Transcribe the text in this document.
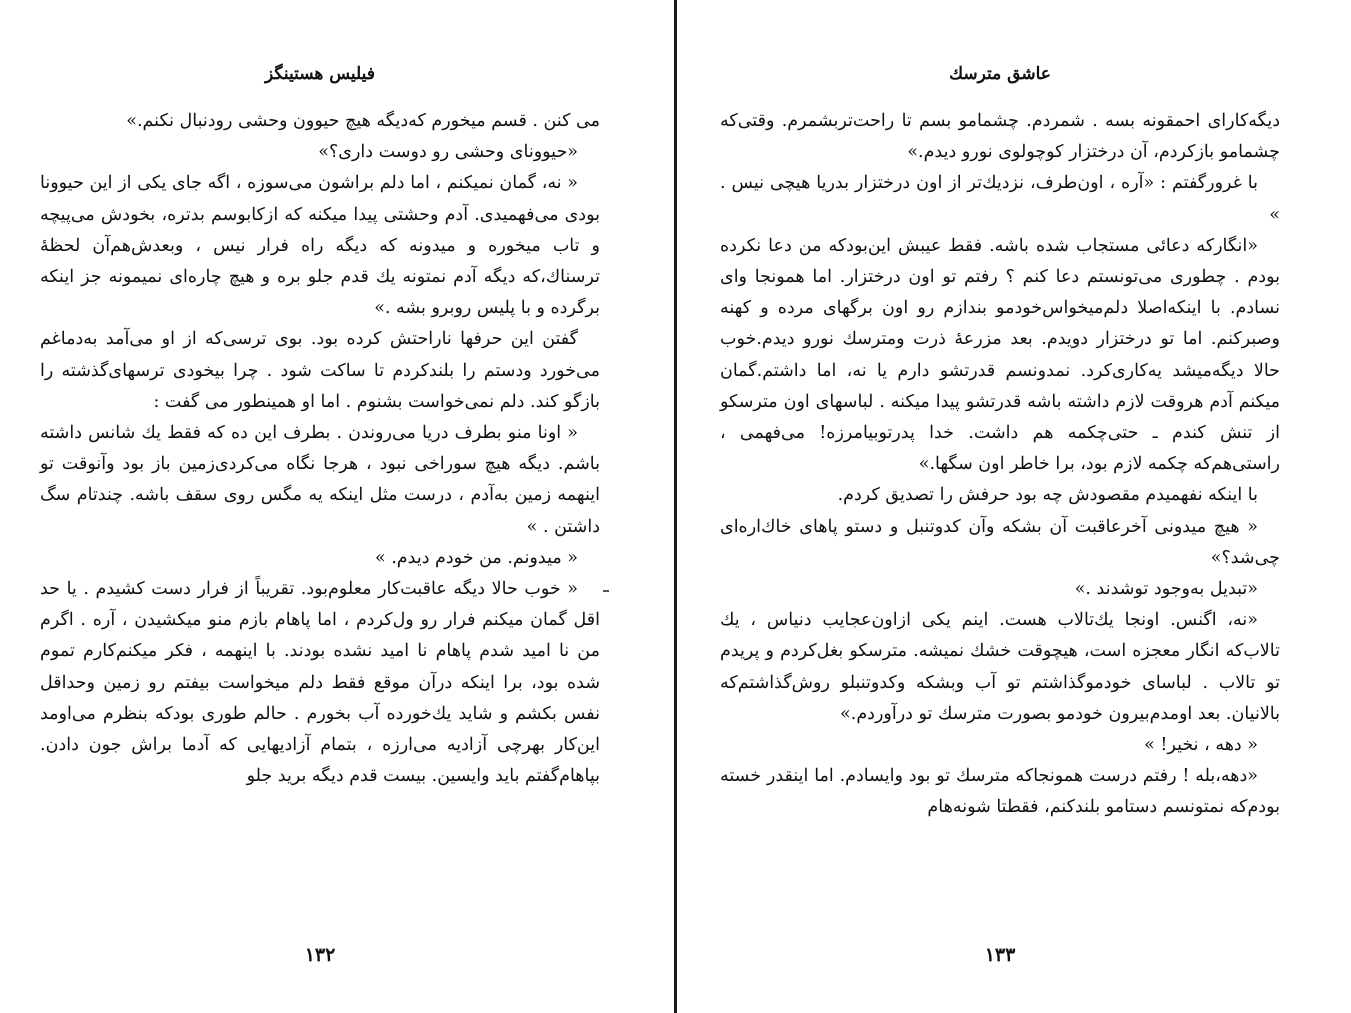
فیلیس هستینگز

می کنن . قسم میخورم کەدیگه هیچ حیوون وحشی رودنبال نکنم.»

«حیووناى وحشى رو دوست دارى؟»

« نه، گمان نمیکنم ، اما دلم براشون می‌سوزه ، اگه جای یکی از این حیوونا بودی می‌فهمیدی. آدم وحشتی پیدا میکنه که ازکابوسم بدتره، بخودش می‌پیچه و تاب میخوره و میدونه که دیگه راه فرار نیس ، وبعدش‌هم‌آن لحظهٔ ترسناك،که دیگه آدم نمتونه یك قدم جلو بره و هیچ چاره‌ای نمیمونه جز اینکه برگرده و با پلیس روبرو بشه .»

گفتن این حرفها ناراحتش کرده بود. بوی ترسی‌که از او می‌آمد به‌دماغم می‌خورد ودستم را بلندکردم تا ساکت شود . چرا بیخودی ترسهای‌گذشته را بازگو کند. دلم نمی‌خواست بشنوم . اما او همینطور می گفت :

« اونا منو بطرف دریا می‌روندن . بطرف این ده که فقط یك شانس داشته باشم. دیگه هیچ سوراخی نبود ، هرجا نگاه می‌کردی‌زمین باز بود وآنوقت تو اینهمه زمین به‌آدم ، درست مثل اینکه یه مگس روی سقف باشه. چندتام سگ داشتن . »

« میدونم. من خودم دیدم. »

« خوب حالا دیگه عاقبت‌کار معلوم‌بود. تقریباً از فرار دست کشیدم . یا حد اقل گمان میکنم فرار رو ول‌کردم ، اما پاهام بازم منو میکشیدن ، آره . اگرم من نا امید شدم پاهام نا امید نشده بودند. با اینهمه ، فکر میکنم‌کارم تموم شده بود، برا اینکه درآن موقع فقط دلم میخواست بیفتم رو زمین وحداقل نفس بکشم و شاید یك‌خورده آب بخورم . حالم طوری بودکه بنظرم می‌اومد این‌کار بهرچی آزادیه می‌ارزه ، بتمام آزادیهایی که آدما براش جون دادن. بپاهام‌گفتم باید وایسین. بیست قدم دیگه برید جلو

۱۳۲
عاشق مترسك

دیگه‌کارای احمقونه بسه . شمردم. چشمامو بسم تا راحت‌تربشمرم. وقتی‌که چشمامو بازکردم، آن درختزار کوچولوی نورو دیدم.»

با غرورگفتم : «آره ، اون‌طرف، نزدیك‌تر از اون درختزار بدریا هیچی نیس . »

«انگارکه دعائی مستجاب شده باشه. فقط عیبش این‌بودکه من دعا نکرده بودم . چطوری می‌تونستم دعا کنم ؟ رفتم تو اون درختزار. اما همونجا وای نسادم. با اینکه‌اصلا دلم‌میخواس‌خودمو بندازم رو اون برگهای مرده و کهنه وصبرکنم. اما تو درختزار دویدم. بعد مزرعهٔ ذرت ومترسك نورو دیدم.خوب حالا دیگه‌میشد یه‌کاری‌کرد. نمدونسم قدرتشو دارم یا نه، اما داشتم.گمان میکنم آدم هروقت لازم داشته باشه قدرتشو پیدا میکنه . لباسهای اون مترسکو از تنش کندم ـ حتی‌چکمه هم داشت. خدا پدرتوبیامرزه! می‌فهمی ، راستی‌هم‌که چکمه لازم بود، برا خاطر اون سگها.»

با اینکه نفهمیدم مقصودش چه بود حرفش را تصدیق کردم.

« هیچ میدونی آخرعاقبت آن بشکه وآن کدوتنبل و دستو پاهای خاك‌اره‌ای چی‌شد؟»

«تبدیل به‌وجود توشدند .»

«نه، اگنس. اونجا یك‌تالاب هست. اینم یکی ازاون‌عجایب دنیاس ، یك تالاب‌که انگار معجزه است، هیچوقت خشك نمیشه. مترسکو بغل‌کردم و پریدم تو تالاب . لباسای خودموگذاشتم تو آب وبشکه وکدوتنبلو روش‌گذاشتم‌که بالانیان. بعد اومدم‌بیرون خودمو بصورت مترسك تو درآوردم.»

« دهه ، نخیر! »

«دهه،بله ! رفتم درست همونجاکه مترسك تو بود وایسادم. اما اینقدر خسته بودم‌که نمتونسم دستامو بلندکنم، فقطتا شونه‌هام

۱۳۳
